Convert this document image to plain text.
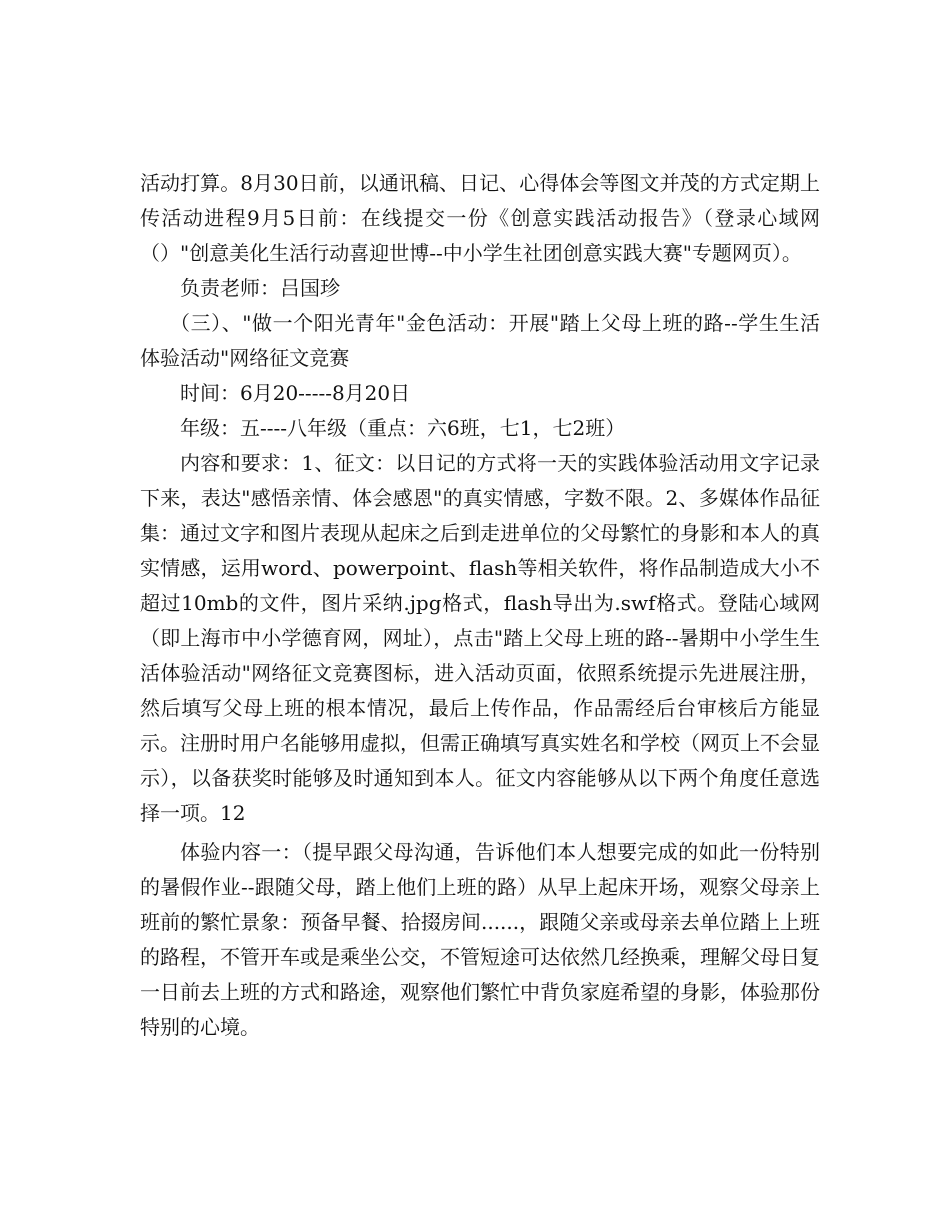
活动打算。8月30日前，以通讯稿、日记、心得体会等图文并茂的方式定期上传活动进程9月5日前：在线提交一份《创意实践活动报告》（登录心域网（）"创意美化生活行动喜迎世博--中小学生社团创意实践大赛"专题网页）。

负责老师：吕国珍

（三）、"做一个阳光青年"金色活动：开展"踏上父母上班的路--学生生活体验活动"网络征文竞赛

时间：6月20-----8月20日

年级：五----八年级（重点：六6班，七1，七2班）

内容和要求：1、征文：以日记的方式将一天的实践体验活动用文字记录下来，表达"感悟亲情、体会感恩"的真实情感，字数不限。2、多媒体作品征集：通过文字和图片表现从起床之后到走进单位的父母繁忙的身影和本人的真实情感，运用word、powerpoint、flash等相关软件，将作品制造成大小不超过10mb的文件，图片采纳.jpg格式，flash导出为.swf格式。登陆心域网（即上海市中小学德育网，网址），点击"踏上父母上班的路--暑期中小学生生活体验活动"网络征文竞赛图标，进入活动页面，依照系统提示先进展注册，然后填写父母上班的根本情况，最后上传作品，作品需经后台审核后方能显示。注册时用户名能够用虚拟，但需正确填写真实姓名和学校（网页上不会显示），以备获奖时能够及时通知到本人。征文内容能够从以下两个角度任意选择一项。12

体验内容一：（提早跟父母沟通，告诉他们本人想要完成的如此一份特别的暑假作业--跟随父母，踏上他们上班的路）从早上起床开场，观察父母亲上班前的繁忙景象：预备早餐、拾掇房间......，跟随父亲或母亲去单位踏上上班的路程，不管开车或是乘坐公交，不管短途可达依然几经换乘，理解父母日复一日前去上班的方式和路途，观察他们繁忙中背负家庭希望的身影，体验那份特别的心境。
